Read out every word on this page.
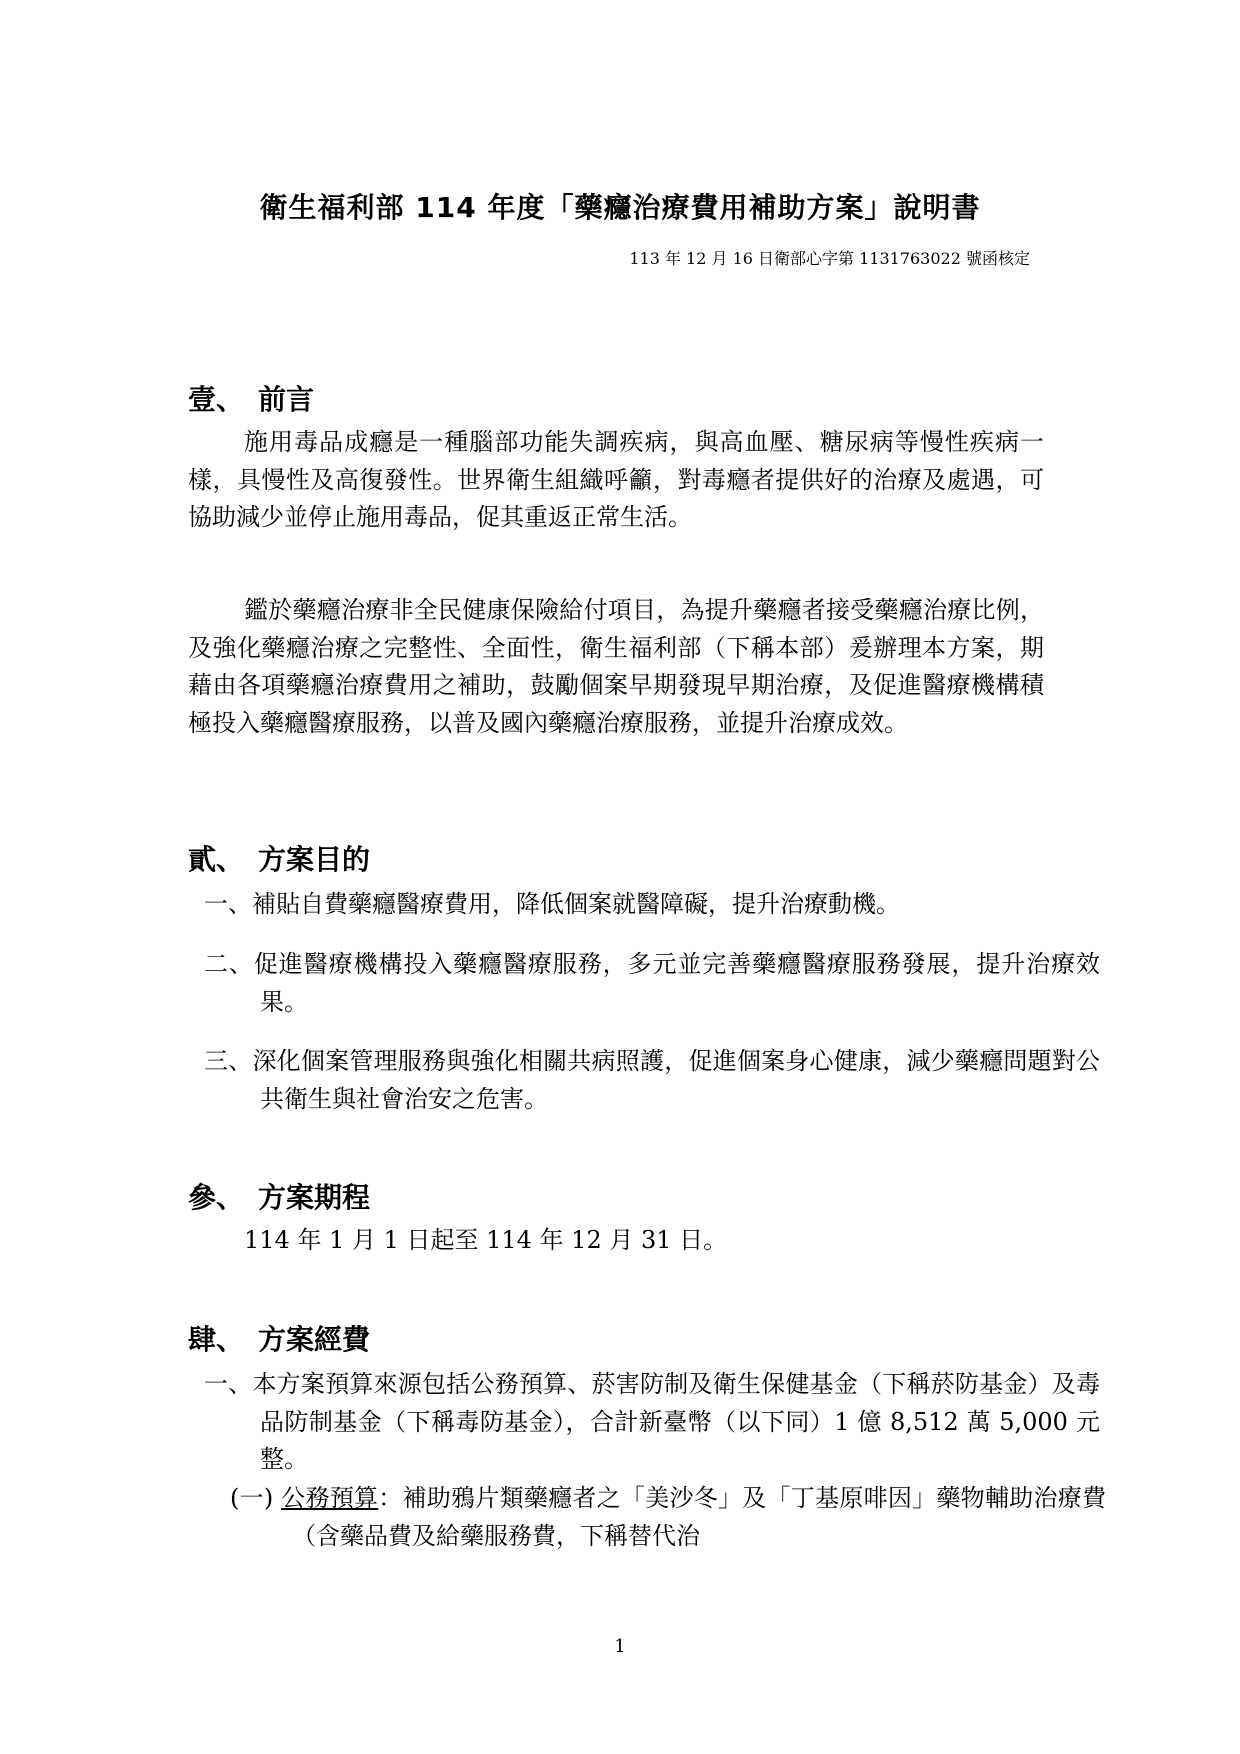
衛生福利部 114 年度「藥癮治療費用補助方案」說明書
113 年 12 月 16 日衛部心字第 1131763022 號函核定
壹、 前言
施用毒品成癮是一種腦部功能失調疾病，與高血壓、糖尿病等慢性疾病一樣，具慢性及高復發性。世界衛生組織呼籲，對毒癮者提供好的治療及處遇，可協助減少並停止施用毒品，促其重返正常生活。
鑑於藥癮治療非全民健康保險給付項目，為提升藥癮者接受藥癮治療比例，及強化藥癮治療之完整性、全面性，衛生福利部（下稱本部）爰辦理本方案，期藉由各項藥癮治療費用之補助，鼓勵個案早期發現早期治療，及促進醫療機構積極投入藥癮醫療服務，以普及國內藥癮治療服務，並提升治療成效。
貳、 方案目的
一、補貼自費藥癮醫療費用，降低個案就醫障礙，提升治療動機。
二、促進醫療機構投入藥癮醫療服務，多元並完善藥癮醫療服務發展，提升治療效果。
三、深化個案管理服務與強化相關共病照護，促進個案身心健康，減少藥癮問題對公共衛生與社會治安之危害。
參、 方案期程
114 年 1 月 1 日起至 114 年 12 月 31 日。
肆、 方案經費
一、本方案預算來源包括公務預算、菸害防制及衛生保健基金（下稱菸防基金）及毒品防制基金（下稱毒防基金），合計新臺幣（以下同）1 億 8,512 萬 5,000 元整。
(一) 公務預算：補助鴉片類藥癮者之「美沙冬」及「丁基原啡因」藥物輔助治療費（含藥品費及給藥服務費，下稱替代治
1
